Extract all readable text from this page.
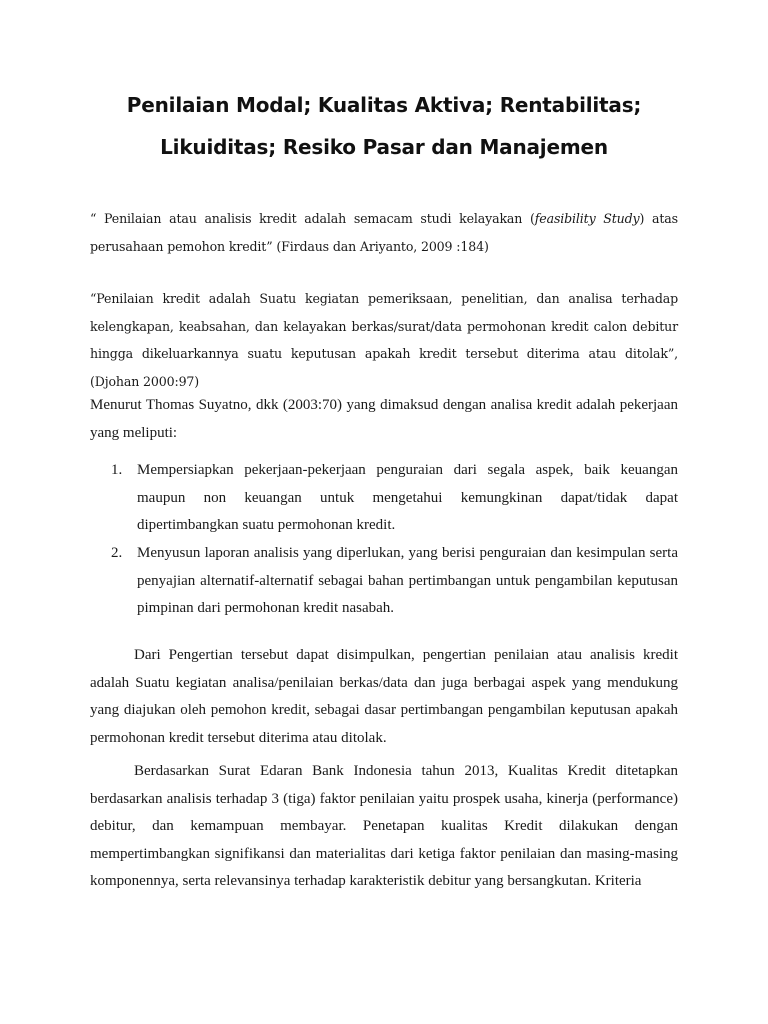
Penilaian Modal; Kualitas Aktiva; Rentabilitas;
Likuiditas; Resiko Pasar dan Manajemen

“ Penilaian atau analisis kredit adalah semacam studi kelayakan (feasibility Study) atas perusahaan pemohon kredit” (Firdaus dan Ariyanto, 2009 :184)

“Penilaian kredit adalah Suatu kegiatan pemeriksaan, penelitian, dan analisa terhadap kelengkapan, keabsahan, dan kelayakan berkas/surat/data permohonan kredit calon debitur hingga dikeluarkannya suatu keputusan apakah kredit tersebut diterima atau ditolak”, (Djohan 2000:97)

Menurut Thomas Suyatno, dkk (2003:70) yang dimaksud dengan analisa kredit adalah pekerjaan yang meliputi:

1. Mempersiapkan pekerjaan-pekerjaan penguraian dari segala aspek, baik keuangan maupun non keuangan untuk mengetahui kemungkinan dapat/tidak dapat dipertimbangkan suatu permohonan kredit.
2. Menyusun laporan analisis yang diperlukan, yang berisi penguraian dan kesimpulan serta penyajian alternatif-alternatif sebagai bahan pertimbangan untuk pengambilan keputusan pimpinan dari permohonan kredit nasabah.

Dari Pengertian tersebut dapat disimpulkan, pengertian penilaian atau analisis kredit adalah Suatu kegiatan analisa/penilaian berkas/data dan juga berbagai aspek yang mendukung yang diajukan oleh pemohon kredit, sebagai dasar pertimbangan pengambilan keputusan apakah permohonan kredit tersebut diterima atau ditolak.

Berdasarkan Surat Edaran Bank Indonesia tahun 2013, Kualitas Kredit ditetapkan berdasarkan analisis terhadap 3 (tiga) faktor penilaian yaitu prospek usaha, kinerja (performance) debitur, dan kemampuan membayar. Penetapan kualitas Kredit dilakukan dengan mempertimbangkan signifikansi dan materialitas dari ketiga faktor penilaian dan masing-masing komponennya, serta relevansinya terhadap karakteristik debitur yang bersangkutan. Kriteria
